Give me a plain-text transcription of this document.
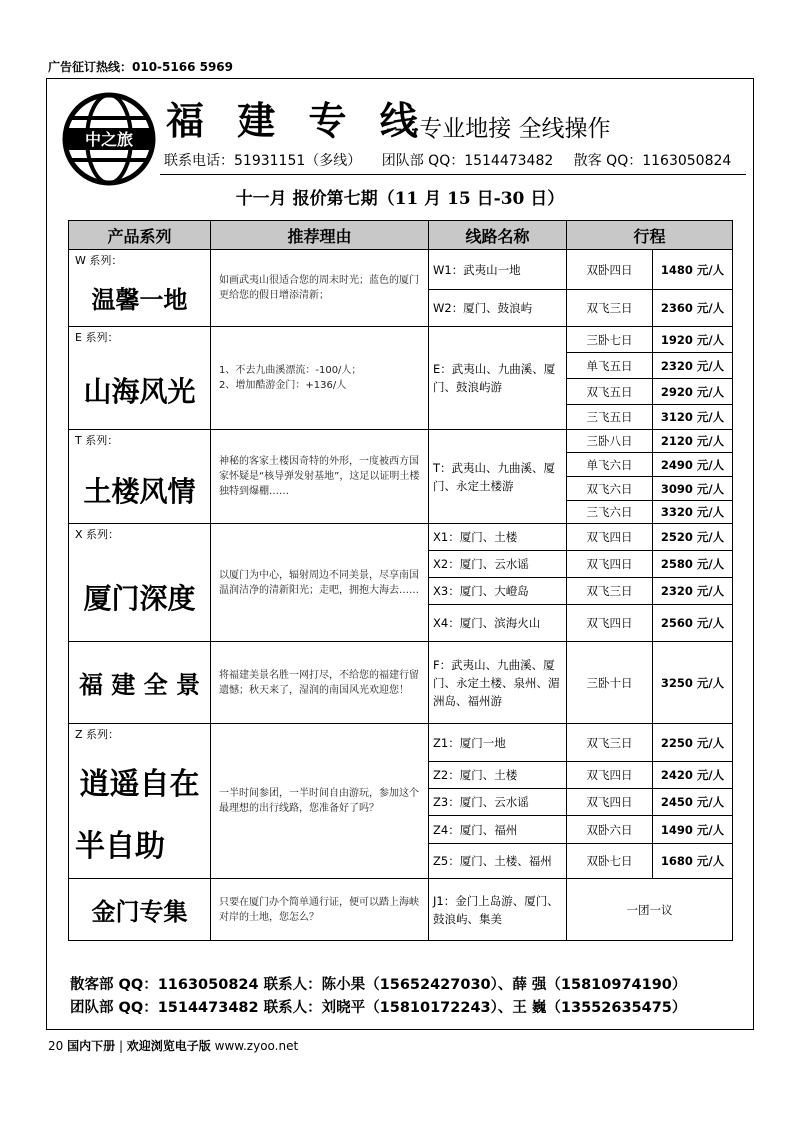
广告征订热线：010-5166 5969
中之旅 福 建 专 线
----专业地接 全线操作
联系电话：51931151（多线） 团队部 QQ：1514473482 散客 QQ：1163050824
十一月 报价第七期（11 月 15 日-30 日）
产品系列	推荐理由	线路名称	行程	

W 系列：
温馨一地	如画武夷山很适合您的周末时光；蓝色的厦门更给您的假日增添清新；	W1：武夷山一地	双卧四日	1480 元/人
		W2：厦门、鼓浪屿	双飞三日	2360 元/人

E 系列：
山海风光	1、不去九曲溪漂流：-100/人；
2、增加酷游金门：+136/人	E：武夷山、九曲溪、厦门、鼓浪屿游	三卧七日	1920 元/人
			单飞五日	2320 元/人
			双飞五日	2920 元/人
			三飞五日	3120 元/人

T 系列：
土楼风情	神秘的客家土楼因奇特的外形，一度被西方国家怀疑是“核导弹发射基地”，这足以证明土楼独特到爆棚……	T：武夷山、九曲溪、厦门、永定土楼游	三卧八日	2120 元/人
			单飞六日	2490 元/人
			双飞六日	3090 元/人
			三飞六日	3320 元/人

X 系列：
厦门深度	以厦门为中心，辐射周边不同美景，尽享南国温润洁净的清新阳光；走吧，拥抱大海去……	X1：厦门、土楼	双飞四日	2520 元/人
		X2：厦门、云水谣	双飞四日	2580 元/人
		X3：厦门、大嶝岛	双飞三日	2320 元/人
		X4：厦门、滨海火山	双飞四日	2560 元/人

福 建 全 景	将福建美景名胜一网打尽，不给您的福建行留遗憾；秋天来了，湿润的南国风光欢迎您！	F：武夷山、九曲溪、厦门、永定土楼、泉州、湄洲岛、福州游	三卧十日	3250 元/人

Z 系列：
逍遥自在
半自助	一半时间参团，一半时间自由游玩，参加这个最理想的出行线路，您准备好了吗？	Z1：厦门一地	双飞三日	2250 元/人
		Z2：厦门、土楼	双飞四日	2420 元/人
		Z3：厦门、云水谣	双飞四日	2450 元/人
		Z4：厦门、福州	双卧六日	1490 元/人
		Z5：厦门、土楼、福州	双卧七日	1680 元/人

金门专集	只要在厦门办个简单通行证，便可以踏上海峡对岸的土地，您怎么？	J1：金门上岛游、厦门、鼓浪屿、集美	一团一议	
散客部 QQ：1163050824 联系人：陈小果（15652427030）、薛 强（15810974190）
团队部 QQ：1514473482 联系人：刘晓平（15810172243）、王 巍（13552635475）
20 国内下册 | 欢迎浏览电子版 www.zyoo.net
